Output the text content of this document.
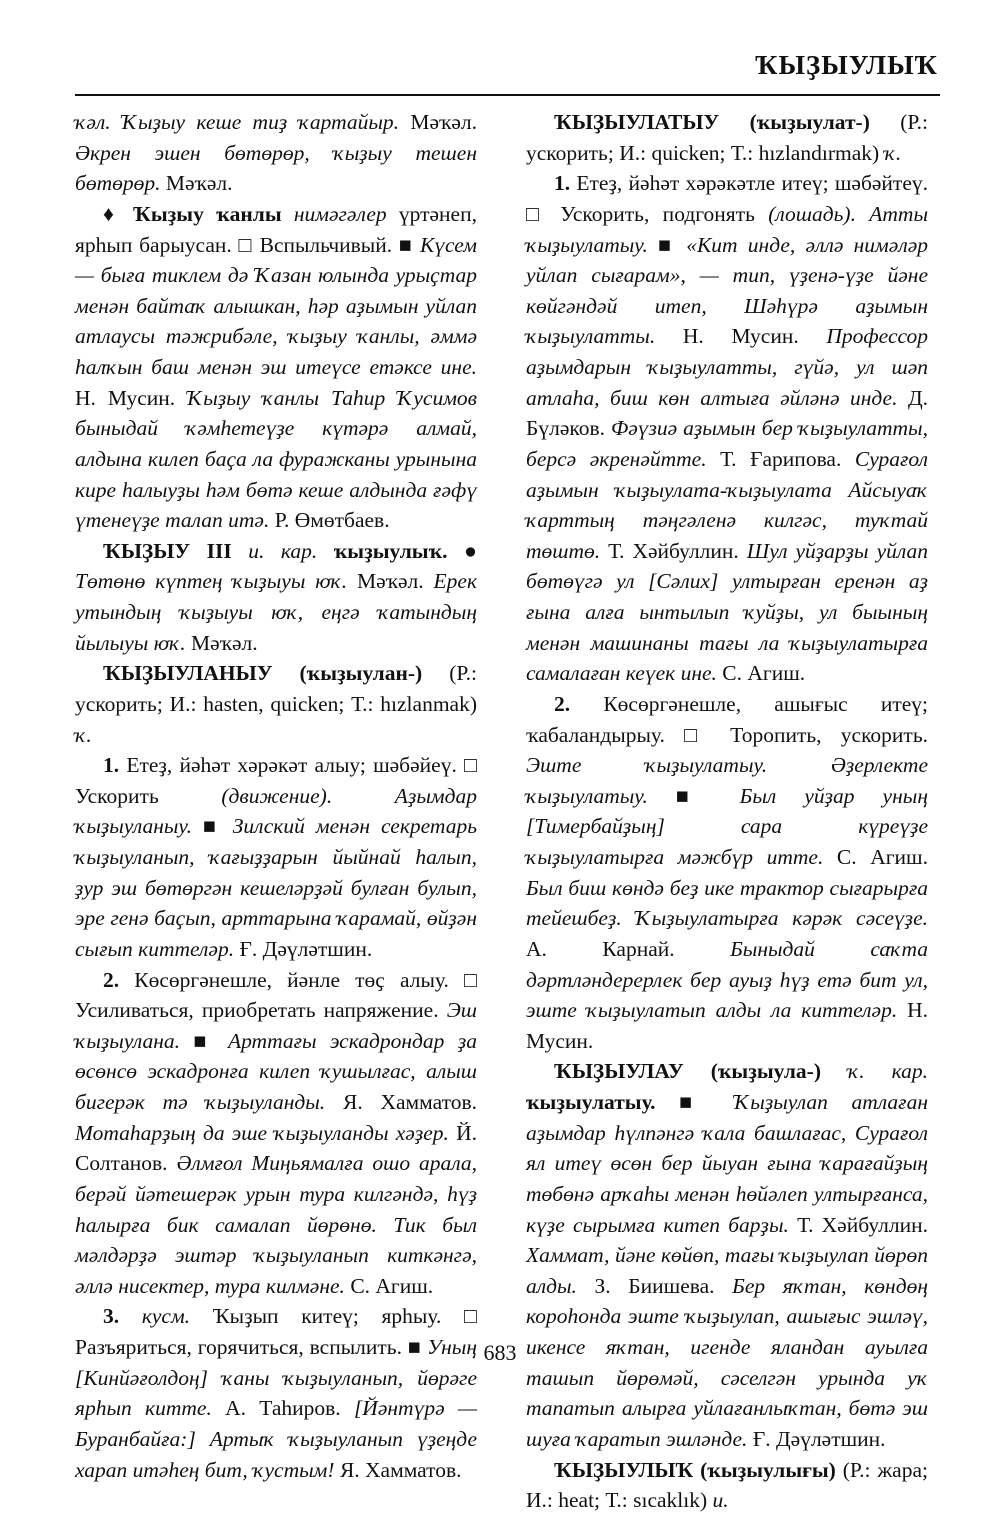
ҠЫҘЫУЛЫҠ

ҡәл. Ҡыҙыу кеше тиҙ ҡартайыр. Мәҡәл. Әкрен эшен бөтөрөр, ҡыҙыу тешен бөтөрөр. Мәҡәл.

♦ Ҡыҙыу ҡанлы нимәгәлер үртәнеп, ярһып барыусан. □ Вспыльчивый. ■ Күсем — быға тиклем дә Ҡазан юлында урыҫтар менән байтаҡ алышкан, һәр аҙымын уйлап атлаусы тәжрибәле, ҡыҙыу ҡанлы, әммә һалҡын баш менән эш итеүсе етәксе ине. Н. Мусин. Ҡыҙыу ҡанлы Таһир Ҡусимов быныдай ҡәмһетеүҙе күтәрә алмай, алдына килеп баҫа ла фуражканы урынына кире һалыуҙы һәм бөтә кеше алдында ғәфү үтенеүҙе талап итә. Р. Өмөтбаев.

ҠЫҘЫУ III и. кар. ҡыҙыулыҡ. ● Төтөнө күптең ҡыҙыуы юҡ. Мәҡәл. Ерек утындың ҡыҙыуы юҡ, еңгә ҡатындың йылыуы юҡ. Мәҡәл.

ҠЫҘЫУЛАНЫУ (ҡыҙыулан-) (Р.: ускорить; И.: hasten, quicken; Т.: hızlanmak) ҡ.

1. Етеҙ, йәһәт хәрәкәт алыу; шәбәйеү. □ Ускорить (движение). Аҙымдар ҡыҙыуланыу. ■ Зилский менән секретарь ҡыҙыуланып, ҡағыҙҙарын йыйнай һалып, ҙур эш бөтөргән кешеләрҙәй булған булып, эре генә баҫып, арттарына ҡарамай, өйҙән сығып киттеләр. Ғ. Дәүләтшин.

2. Көсөргәнешле, йәнле төҫ алыу. □ Усиливаться, приобретать напряжение. Эш ҡыҙыулана. ■ Арттағы эскадрондар ҙа өсөнсө эскадронға килеп ҡушылғас, алыш бигерәк тә ҡыҙыуланды. Я. Хамматов. Мотаһарҙың да эше ҡыҙыуланды хәҙер. Й. Солтанов. Әлмғол Миңьямалға ошо арала, берәй йәтешерәк урын тура килгәндә, һүҙ һалырға бик самалап йөрөнө. Тик был мәлдәрҙә эштәр ҡыҙыуланып киткәнгә, әллә нисектер, тура килмәне. С. Агиш.

3. кусм. Ҡыҙып китеү; ярһыу. □ Разъяриться, горячиться, вспылить. ■ Уның [Кинйәғолдоң] ҡаны ҡыҙыуланып, йөрәге ярһып китте. А. Таһиров. [Йәнтүрә — Буранбайға:] Артыҡ ҡыҙыуланып үҙеңде харап итәһең бит, ҡустым! Я. Хамматов.

ҠЫҘЫУЛАТЫУ (ҡыҙыулат-) (Р.: ускорить; И.: quicken; Т.: hızlandırmak) ҡ.

1. Етеҙ, йәһәт хәрәкәтле итеү; шәбәйтеү. □ Ускорить, подгонять (лошадь). Атты ҡыҙыулатыу. ■ «Кит инде, әллә нимәләр уйлап сығарам», — тип, үҙенә-үҙе йәне көйгәндәй итеп, Шәһүрә аҙымын ҡыҙыулатты. Н. Мусин. Профессор аҙымдарын ҡыҙыулатты, гүйә, ул шәп атлаһа, биш көн алтыға әйләнә инде. Д. Бүләков. Фәүзиә аҙымын бер ҡыҙыулатты, берсә әкренәйтте. Т. Ғарипова. Сурағол аҙымын ҡыҙыулата-ҡыҙыулата Айсыуаҡ ҡарттың тәңгәленә килгәс, туҡтай төштө. Т. Хәйбуллин. Шул уйҙарҙы уйлап бөтөүгә ул [Сәлих] ултырған еренән аҙ ғына алға ынтылып ҡуйҙы, ул быының менән машинаны тағы ла ҡыҙыулатырға самалаған кеүек ине. С. Агиш.

2. Көсөргәнешле, ашығыс итеү; ҡабаландырыу. □ Торопить, ускорить. Эште ҡыҙыулатыу. Әҙерлекте ҡыҙыулатыу. ■ Был уйҙар уның [Тимербайҙың] сара күреүҙе ҡыҙыулатырға мәжбүр итте. С. Агиш. Был биш көндә беҙ ике трактор сығарырға тейешбеҙ. Ҡыҙыулатырға кәрәк сәсеүҙе. А. Карнай. Быныдай саҡта дәртләндерерлек бер ауыҙ һүҙ етә бит ул, эште ҡыҙыулатып алды ла киттеләр. Н. Мусин.

ҠЫҘЫУЛАУ (ҡыҙыула-) ҡ. кар. ҡыҙыулатыу. ■ Ҡыҙыулап атлаған аҙымдар һүлпәнгә ҡала башлағас, Сурағол ял итеү өсөн бер йыуан ғына ҡарағайҙың төбөнә арҡаһы менән һөйәлеп ултырғанса, күҙе сырымға китеп барҙы. Т. Хәйбуллин. Хаммат, йәне көйөп, тағы ҡыҙыулап йөрөп алды. З. Биишева. Бер яҡтан, көндөң короһонда эште ҡыҙыулап, ашығыс эшләү, икенсе яҡтан, игенде яландан ауылға ташып йөрөмәй, сәселгән урында уҡ тапатып алырға уйлағанлыҡтан, бөтә эш шуға ҡаратып эшләнде. Ғ. Дәүләтшин.

ҠЫҘЫУЛЫҠ (ҡыҙыулығы) (Р.: жара; И.: heat; Т.: sıcaklık) и.

683
